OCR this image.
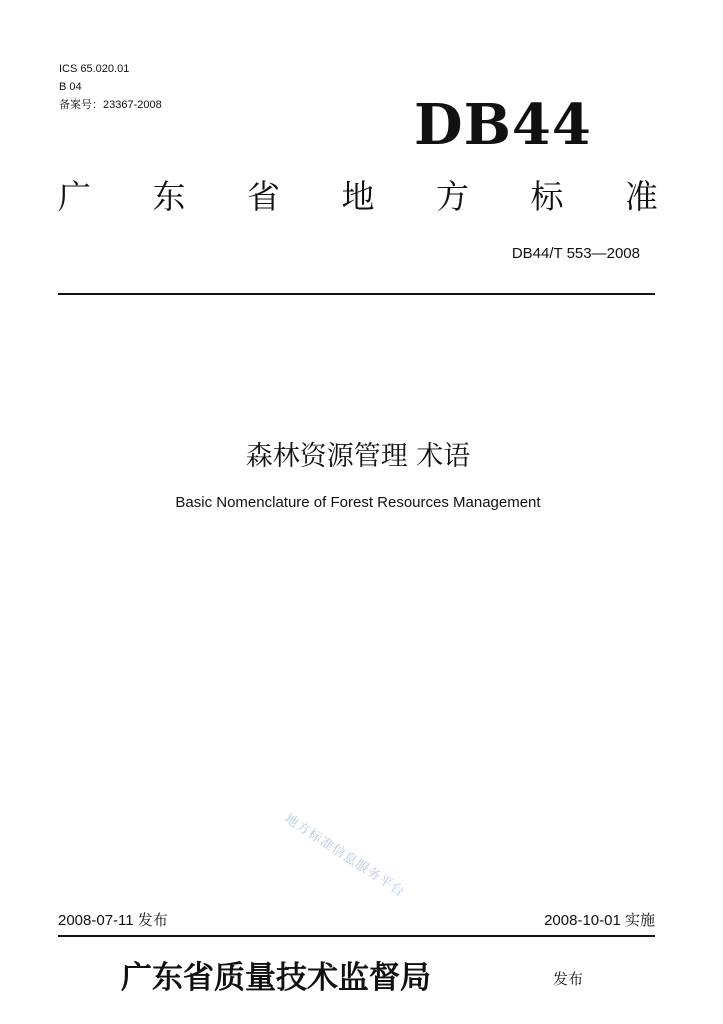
ICS 65.020.01
B 04
备案号：23367-2008	DB44
广 东 省 地 方 标 准
DB44/T 553—2008
森林资源管理 术语
Basic Nomenclature of Forest Resources Management
地方标准信息服务平台
2008-07-11 发布	2008-10-01 实施
广东省质量技术监督局	发布
